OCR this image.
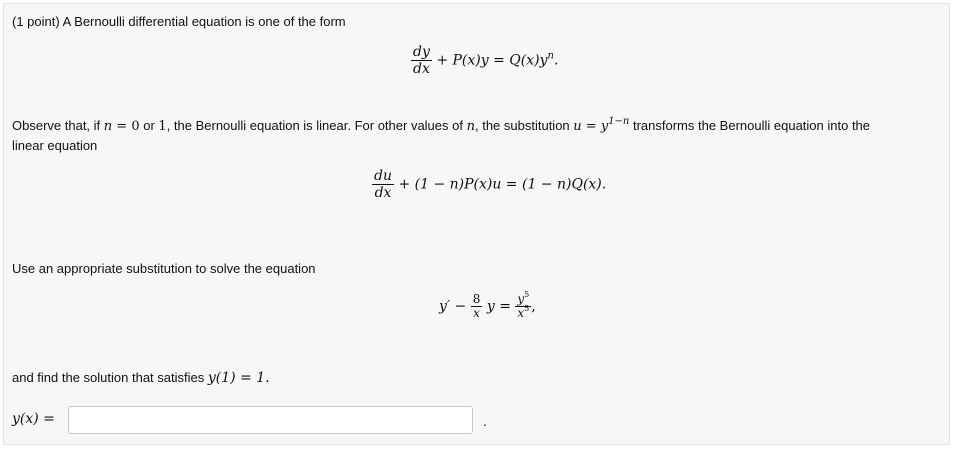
(1 point) A Bernoulli differential equation is one of the form
$\frac{dy}{dx} + P(x)y = Q(x)y^n$.
Observe that, if n = 0 or 1, the Bernoulli equation is linear. For other values of n, the substitution $u = y^{1-n}$ transforms the Bernoulli equation into the
linear equation
$\frac{du}{dx} + (1 - n)P(x)u = (1 - n)Q(x)$.
Use an appropriate substitution to solve the equation
$y' - \frac{8}{x}$ $y = \frac{y^5}{x^5}$ ,
and find the solution that satisfies y(1) = 1.
y(x) =	.
